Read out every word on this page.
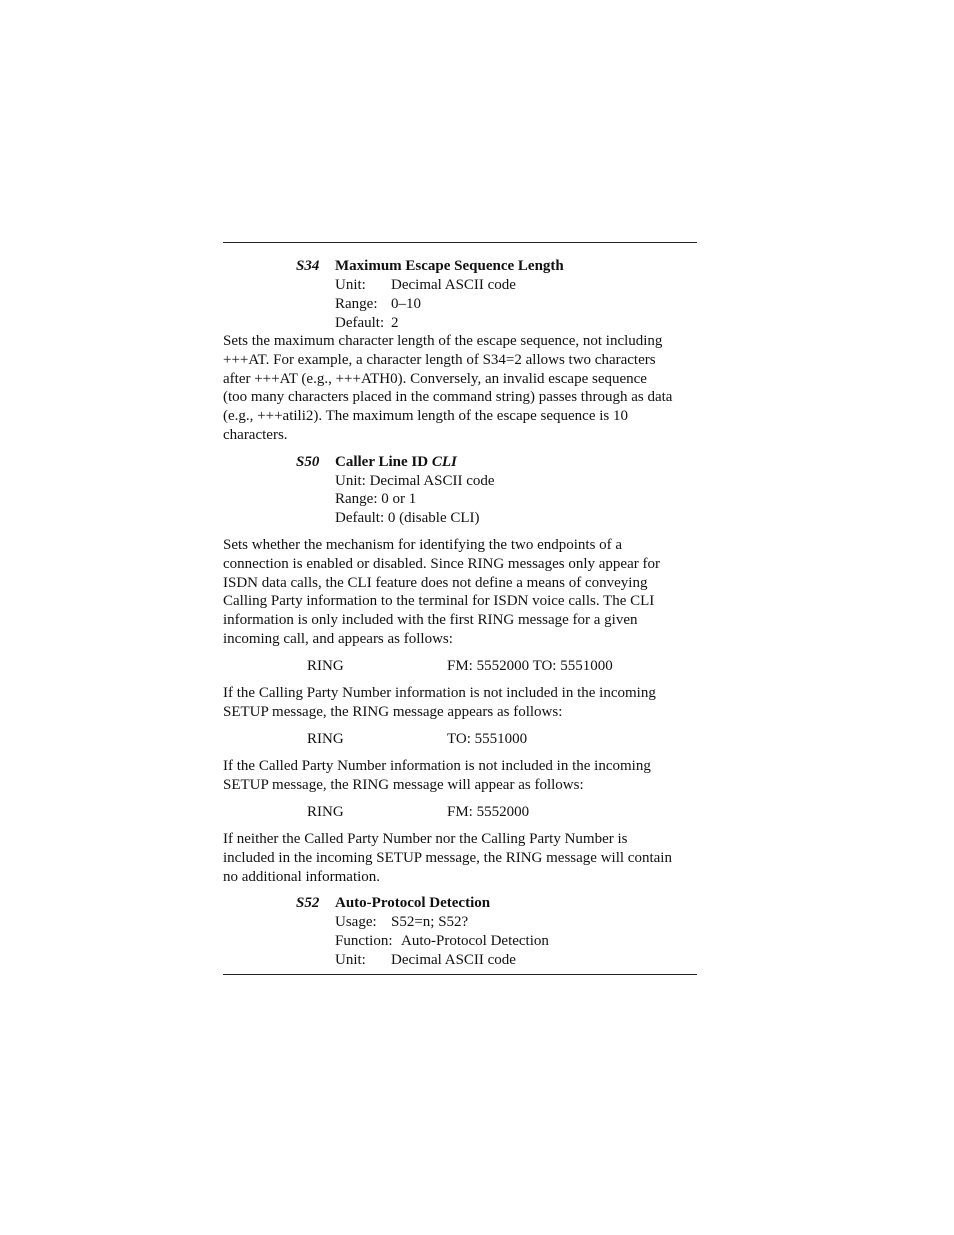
S34 Maximum Escape Sequence Length
Unit: Decimal ASCII code
Range: 0–10
Default: 2
Sets the maximum character length of the escape sequence, not including
+++AT. For example, a character length of S34=2 allows two characters
after +++AT (e.g., +++ATH0). Conversely, an invalid escape sequence
(too many characters placed in the command string) passes through as data
(e.g., +++atili2). The maximum length of the escape sequence is 10
characters.
S50 Caller Line ID CLI
Unit: Decimal ASCII code
Range: 0 or 1
Default: 0 (disable CLI)
Sets whether the mechanism for identifying the two endpoints of a
connection is enabled or disabled. Since RING messages only appear for
ISDN data calls, the CLI feature does not define a means of conveying
Calling Party information to the terminal for ISDN voice calls. The CLI
information is only included with the first RING message for a given
incoming call, and appears as follows:
RING	FM: 5552000 TO: 5551000
If the Calling Party Number information is not included in the incoming
SETUP message, the RING message appears as follows:
RING	TO: 5551000
If the Called Party Number information is not included in the incoming
SETUP message, the RING message will appear as follows:
RING	FM: 5552000
If neither the Called Party Number nor the Calling Party Number is
included in the incoming SETUP message, the RING message will contain
no additional information.
S52 Auto-Protocol Detection
Usage: S52=n; S52?
Function: Auto-Protocol Detection
Unit: Decimal ASCII code
